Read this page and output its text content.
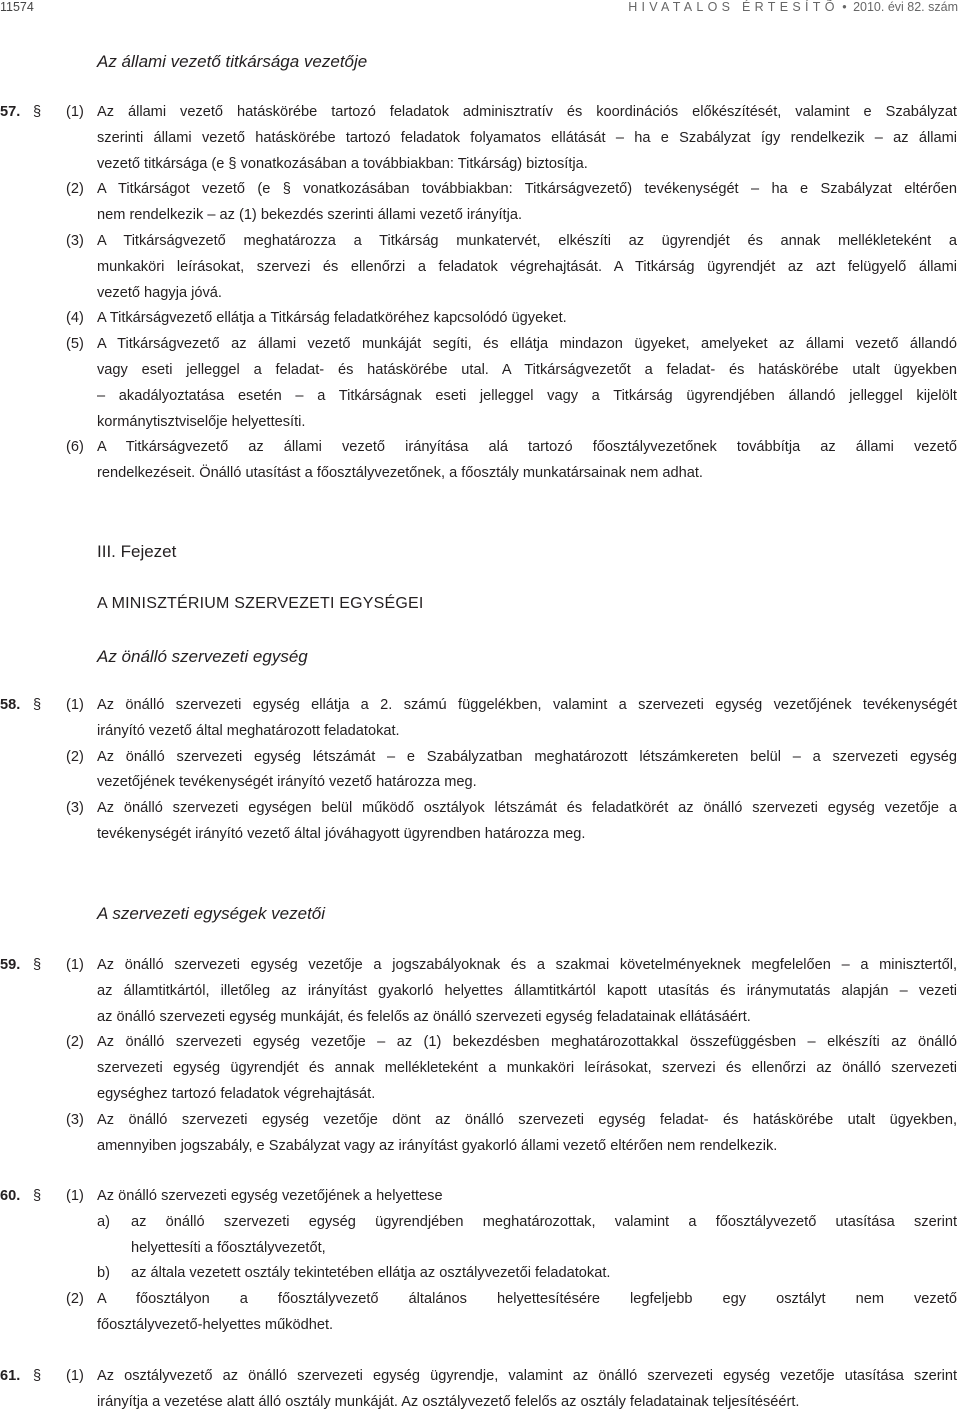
11574	HIVATALOS ÉRTESÍTÕ • 2010. évi 82. szám
Az állami vezető titkársága vezetője
57. § (1) Az állami vezető hatáskörébe tartozó feladatok adminisztratív és koordinációs előkészítését, valamint e Szabályzat
szerinti állami vezető hatáskörébe tartozó feladatok folyamatos ellátását – ha e Szabályzat így rendelkezik – az állami
vezető titkársága (e § vonatkozásában a továbbiakban: Titkárság) biztosítja.
(2) A Titkárságot vezető (e § vonatkozásában továbbiakban: Titkárságvezető) tevékenységét – ha e Szabályzat eltérően
nem rendelkezik – az (1) bekezdés szerinti állami vezető irányítja.
(3) A Titkárságvezető meghatározza a Titkárság munkatervét, elkészíti az ügyrendjét és annak mellékleteként a
munkaköri leírásokat, szervezi és ellenőrzi a feladatok végrehajtását. A Titkárság ügyrendjét az azt felügyelő állami
vezető hagyja jóvá.
(4) A Titkárságvezető ellátja a Titkárság feladatköréhez kapcsolódó ügyeket.
(5) A Titkárságvezető az állami vezető munkáját segíti, és ellátja mindazon ügyeket, amelyeket az állami vezető állandó
vagy eseti jelleggel a feladat- és hatáskörébe utal. A Titkárságvezetőt a feladat- és hatáskörébe utalt ügyekben
– akadályoztatása esetén – a Titkárságnak eseti jelleggel vagy a Titkárság ügyrendjében állandó jelleggel kijelölt
kormánytisztviselője helyettesíti.
(6) A Titkárságvezető az állami vezető irányítása alá tartozó főosztályvezetőnek továbbítja az állami vezető
rendelkezéseit. Önálló utasítást a főosztályvezetőnek, a főosztály munkatársainak nem adhat.
III. Fejezet
A MINISZTÉRIUM SZERVEZETI EGYSÉGEI
Az önálló szervezeti egység
58. § (1) Az önálló szervezeti egység ellátja a 2. számú függelékben, valamint a szervezeti egység vezetőjének tevékenységét
irányító vezető által meghatározott feladatokat.
(2) Az önálló szervezeti egység létszámát – e Szabályzatban meghatározott létszámkereten belül – a szervezeti egység
vezetőjének tevékenységét irányító vezető határozza meg.
(3) Az önálló szervezeti egységen belül működő osztályok létszámát és feladatkörét az önálló szervezeti egység vezetője a
tevékenységét irányító vezető által jóváhagyott ügyrendben határozza meg.
A szervezeti egységek vezetői
59. § (1) Az önálló szervezeti egység vezetője a jogszabályoknak és a szakmai követelményeknek megfelelően – a minisztertől,
az államtitkártól, illetőleg az irányítást gyakorló helyettes államtitkártól kapott utasítás és iránymutatás alapján – vezeti
az önálló szervezeti egység munkáját, és felelős az önálló szervezeti egység feladatainak ellátásáért.
(2) Az önálló szervezeti egység vezetője – az (1) bekezdésben meghatározottakkal összefüggésben – elkészíti az önálló
szervezeti egység ügyrendjét és annak mellékleteként a munkaköri leírásokat, szervezi és ellenőrzi az önálló szervezeti
egységhez tartozó feladatok végrehajtását.
(3) Az önálló szervezeti egység vezetője dönt az önálló szervezeti egység feladat- és hatáskörébe utalt ügyekben,
amennyiben jogszabály, e Szabályzat vagy az irányítást gyakorló állami vezető eltérően nem rendelkezik.
60. § (1) Az önálló szervezeti egység vezetőjének a helyettese
a) az önálló szervezeti egység ügyrendjében meghatározottak, valamint a főosztályvezető utasítása szerint
helyettesíti a főosztályvezetőt,
b) az általa vezetett osztály tekintetében ellátja az osztályvezetői feladatokat.
(2) A főosztályon a főosztályvezető általános helyettesítésére legfeljebb egy osztályt nem vezető
főosztályvezető-helyettes működhet.
61. § (1) Az osztályvezető az önálló szervezeti egység ügyrendje, valamint az önálló szervezeti egység vezetője utasítása szerint
irányítja a vezetése alatt álló osztály munkáját. Az osztályvezető felelős az osztály feladatainak teljesítéséért.
